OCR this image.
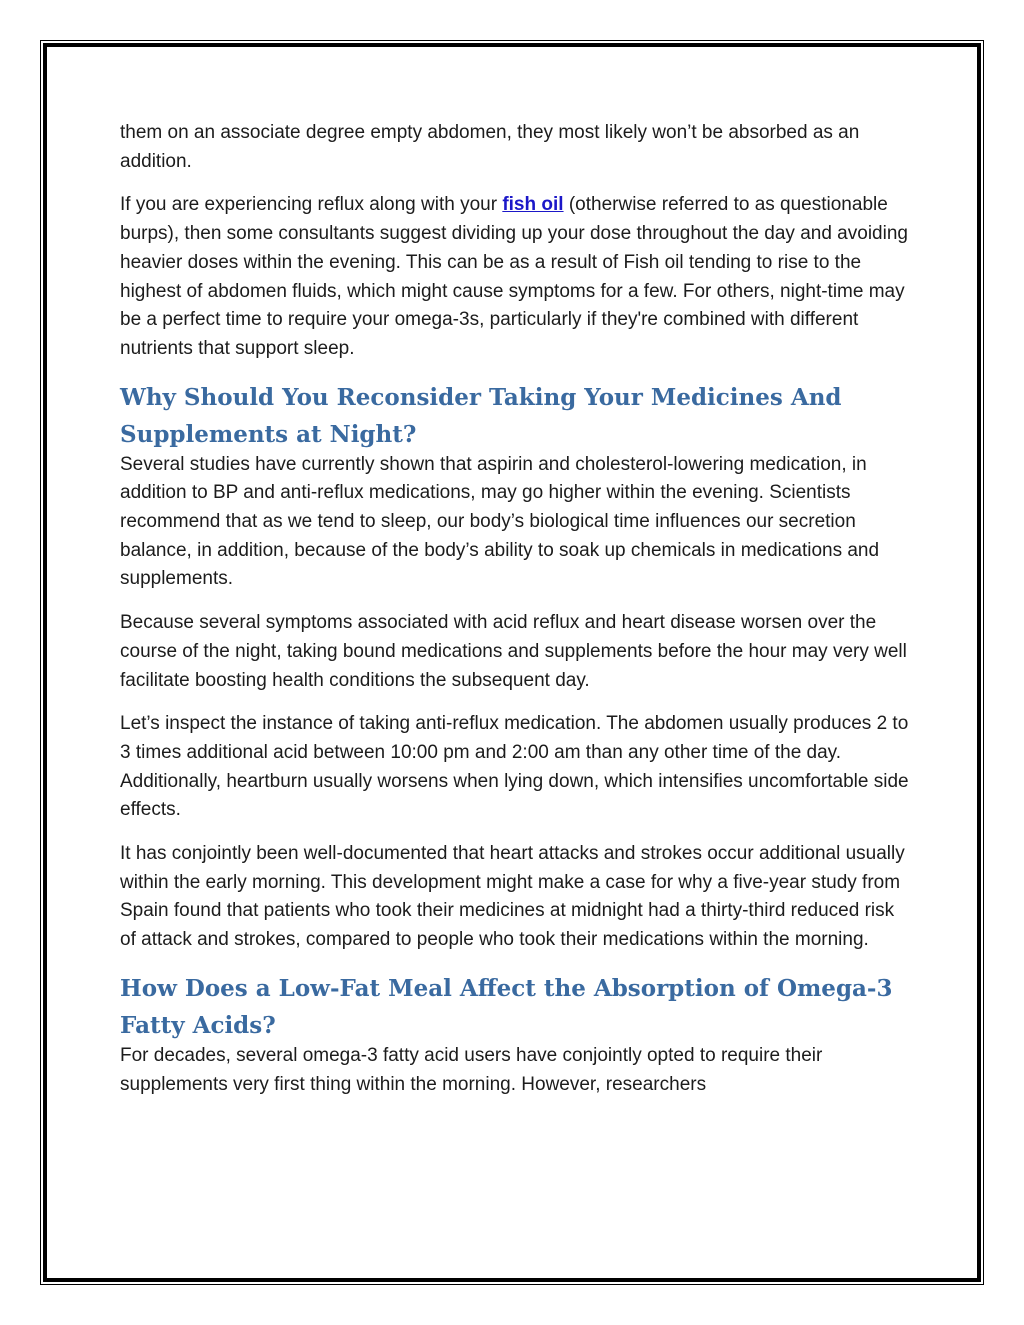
them on an associate degree empty abdomen, they most likely won’t be absorbed as an addition.

If you are experiencing reflux along with your fish oil (otherwise referred to as questionable burps), then some consultants suggest dividing up your dose throughout the day and avoiding heavier doses within the evening. This can be as a result of Fish oil tending to rise to the highest of abdomen fluids, which might cause symptoms for a few. For others, night-time may be a perfect time to require your omega-3s, particularly if they're combined with different nutrients that support sleep.

Why Should You Reconsider Taking Your Medicines And Supplements at Night?

Several studies have currently shown that aspirin and cholesterol-lowering medication, in addition to BP and anti-reflux medications, may go higher within the evening. Scientists recommend that as we tend to sleep, our body’s biological time influences our secretion balance, in addition, because of the body’s ability to soak up chemicals in medications and supplements.

Because several symptoms associated with acid reflux and heart disease worsen over the course of the night, taking bound medications and supplements before the hour may very well facilitate boosting health conditions the subsequent day.

Let’s inspect the instance of taking anti-reflux medication. The abdomen usually produces 2 to 3 times additional acid between 10:00 pm and 2:00 am than any other time of the day. Additionally, heartburn usually worsens when lying down, which intensifies uncomfortable side effects.

It has conjointly been well-documented that heart attacks and strokes occur additional usually within the early morning. This development might make a case for why a five-year study from Spain found that patients who took their medicines at midnight had a thirty-third reduced risk of attack and strokes, compared to people who took their medications within the morning.

How Does a Low-Fat Meal Affect the Absorption of Omega-3 Fatty Acids?

For decades, several omega-3 fatty acid users have conjointly opted to require their supplements very first thing within the morning. However, researchers
